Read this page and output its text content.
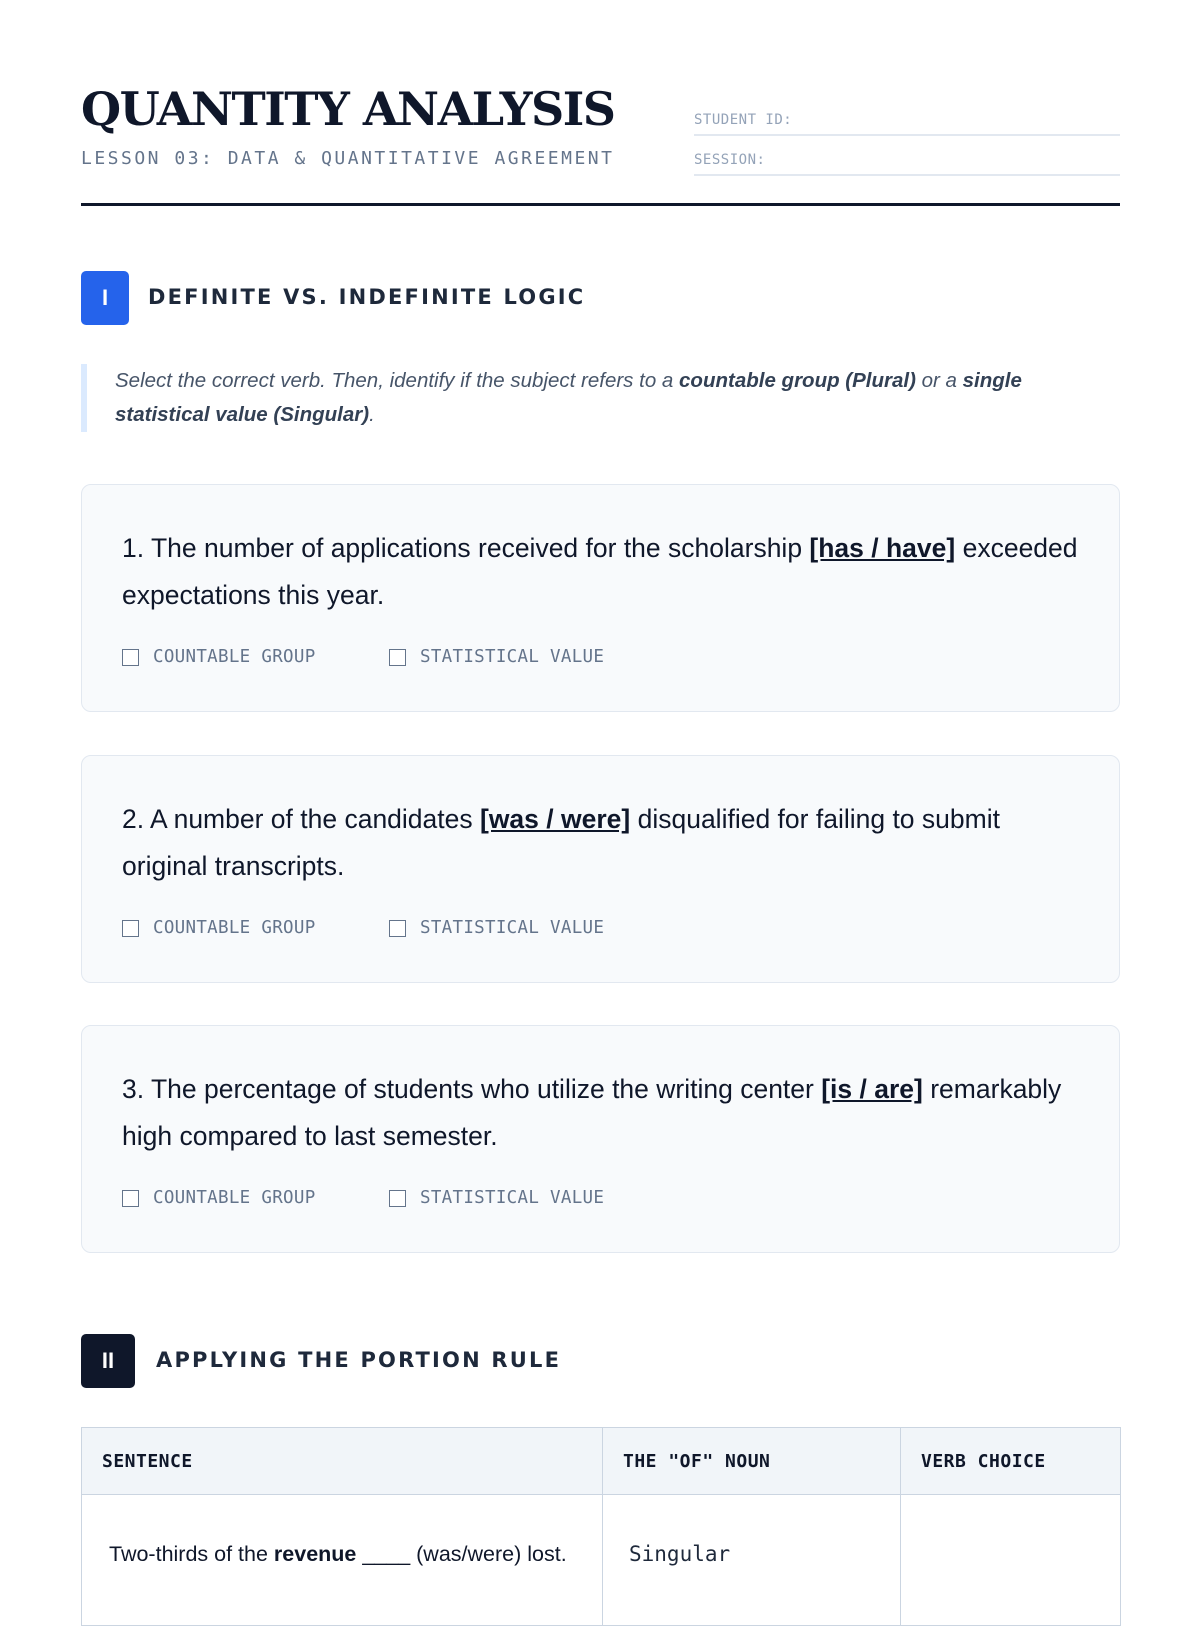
QUANTITY ANALYSIS
LESSON 03: DATA & QUANTITATIVE AGREEMENT
STUDENT ID:
SESSION:
I	DEFINITE VS. INDEFINITE LOGIC
Select the correct verb. Then, identify if the subject refers to a countable group (Plural) or a single statistical value (Singular).
1. The number of applications received for the scholarship [has / have] exceeded expectations this year.
COUNTABLE GROUP	STATISTICAL VALUE
2. A number of the candidates [was / were] disqualified for failing to submit original transcripts.
COUNTABLE GROUP	STATISTICAL VALUE
3. The percentage of students who utilize the writing center [is / are] remarkably high compared to last semester.
COUNTABLE GROUP	STATISTICAL VALUE
II	APPLYING THE PORTION RULE
SENTENCE	THE "OF" NOUN	VERB CHOICE
Two-thirds of the revenue ____ (was/were) lost.	Singular	
